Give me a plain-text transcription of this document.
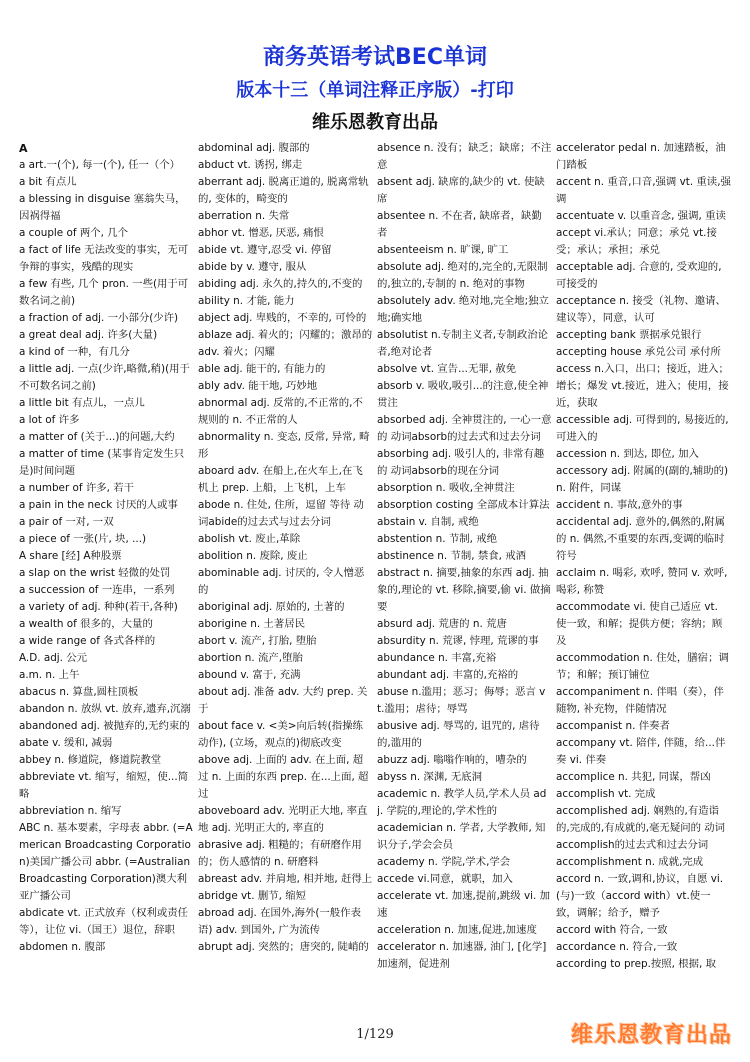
商务英语考试BEC单词
版本十三（单词注释正序版）-打印
维乐恩教育出品
A
a art.一(个), 每一(个), 任一（个）
a bit 有点儿
a blessing in disguise 塞翁失马，因祸得福
a couple of 两个, 几个
a fact of life 无法改变的事实，无可争辩的事实，残酷的现实
a few 有些, 几个 pron. 一些(用于可数名词之前)
a fraction of adj. 一小部分(少许)
a great deal adj. 许多(大量)
a kind of 一种，有几分
a little adj. 一点(少许,略微,稍)(用于不可数名词之前)
a little bit 有点儿，一点儿
a lot of 许多
a matter of (关于...)的问题,大约
a matter of time (某事肯定发生只是)时间问题
a number of 许多, 若干
a pain in the neck 讨厌的人或事
a pair of 一对, 一双
a piece of 一张(片, 块, ...)
A share [经] A种股票
a slap on the wrist 轻微的处罚
a succession of 一连串，一系列
a variety of adj. 种种(若干,各种)
a wealth of 很多的，大量的
a wide range of 各式各样的
A.D. adj. 公元
a.m. n. 上午
abacus n. 算盘,圆柱顶板
abandon n. 放纵 vt. 放弃,遗弃,沉溺
abandoned adj. 被抛弃的,无约束的
abate v. 缓和, 减弱
abbey n. 修道院，修道院教堂
abbreviate vt. 缩写，缩短，使...简略
abbreviation n. 缩写
ABC n. 基本要素，字母表 abbr. (=American Broadcasting Corporation)美国广播公司 abbr. (=Australian Broadcasting Corporation)澳大利亚广播公司
abdicate vt. 正式放弃（权利或责任等），让位 vi.（国王）退位，辞职
abdomen n. 腹部
abdominal adj. 腹部的
abduct vt. 诱拐, 绑走
aberrant adj. 脱离正道的, 脱离常轨的, 变体的，畸变的
aberration n. 失常
abhor vt. 憎恶, 厌恶, 痛恨
abide vt. 遵守,忍受 vi. 停留
abide by v. 遵守, 服从
abiding adj. 永久的,持久的,不变的
ability n. 才能, 能力
abject adj. 卑贱的，不幸的, 可怜的
ablaze adj. 着火的；闪耀的；激昂的 adv. 着火；闪耀
able adj. 能干的, 有能力的
ably adv. 能干地, 巧妙地
abnormal adj. 反常的,不正常的,不规则的 n. 不正常的人
abnormality n. 变态, 反常, 异常, 畸形
aboard adv. 在船上,在火车上,在飞机上 prep. 上船，上飞机，上车
abode n. 住处, 住所，逗留 等待 动词abide的过去式与过去分词
abolish vt. 废止,革除
abolition n. 废除, 废止
abominable adj. 讨厌的, 令人憎恶的
aboriginal adj. 原始的, 土著的
aborigine n. 土著居民
abort v. 流产, 打胎, 堕胎
abortion n. 流产,堕胎
abound v. 富于, 充满
about adj. 准备 adv. 大约 prep. 关于
about face v. <美>向后转(指操练动作), (立场，观点的)彻底改变
above adj. 上面的 adv. 在上面, 超过 n. 上面的东西 prep. 在...上面, 超过
aboveboard adv. 光明正大地, 率直地 adj. 光明正大的, 率直的
abrasive adj. 粗糙的；有研磨作用的；伤人感情的 n. 研磨料
abreast adv. 并肩地, 相并地, 赶得上
abridge vt. 删节, 缩短
abroad adj. 在国外,海外(一般作表语) adv. 到国外, 广为流传
abrupt adj. 突然的；唐突的, 陡峭的
absence n. 没有；缺乏；缺席；不注意
absent adj. 缺席的,缺少的 vt. 使缺席
absentee n. 不在者, 缺席者，缺勤者
absenteeism n. 旷课, 旷工
absolute adj. 绝对的,完全的,无限制的,独立的,专制的 n. 绝对的事物
absolutely adv. 绝对地,完全地;独立地;确实地
absolutist n.专制主义者,专制政治论者,绝对论者
absolve vt. 宣告...无罪, 赦免
absorb v. 吸收,吸引...的注意,使全神贯注
absorbed adj. 全神贯注的, 一心一意的 动词absorb的过去式和过去分词
absorbing adj. 吸引人的, 非常有趣的 动词absorb的现在分词
absorption n. 吸收,全神贯注
absorption costing 全部成本计算法
abstain v. 自制, 戒绝
abstention n. 节制, 戒绝
abstinence n. 节制, 禁食, 戒酒
abstract n. 摘要,抽象的东西 adj. 抽象的,理论的 vt. 移除,摘要,偷 vi. 做摘要
absurd adj. 荒唐的 n. 荒唐
absurdity n. 荒谬, 悖理, 荒谬的事
abundance n. 丰富,充裕
abundant adj. 丰富的,充裕的
abuse n.滥用；恶习；侮辱；恶言 vt.滥用；虐待；辱骂
abusive adj. 辱骂的, 诅咒的, 虐待的,滥用的
abuzz adj. 嗡嗡作响的，嘈杂的
abyss n. 深渊, 无底洞
academic n. 教学人员,学术人员 adj. 学院的,理论的,学术性的
academician n. 学者, 大学教师, 知识分子,学会会员
academy n. 学院,学术,学会
accede vi.同意，就职，加入
accelerate vt. 加速,提前,跳级 vi. 加速
acceleration n. 加速,促进,加速度
accelerator n. 加速器, 油门, [化学]加速剂，促进剂
accelerator pedal n. 加速踏板，油门踏板
accent n. 重音,口音,强调 vt. 重读,强调
accentuate v. 以重音念, 强调, 重读
accept vi.承认；同意；承兑 vt.接受；承认；承担；承兑
acceptable adj. 合意的, 受欢迎的, 可接受的
acceptance n. 接受（礼物、邀请、建议等），同意，认可
accepting bank 票据承兑银行
accepting house 承兑公司 承付所
access n.入口，出口；接近，进入；增长；爆发 vt.接近，进入；使用，接近，获取
accessible adj. 可得到的, 易接近的, 可进入的
accession n. 到达, 即位, 加入
accessory adj. 附属的(副的,辅助的) n. 附件，同谋
accident n. 事故,意外的事
accidental adj. 意外的,偶然的,附属的 n. 偶然,不重要的东西,变调的临时符号
acclaim n. 喝彩, 欢呼, 赞同 v. 欢呼, 喝彩, 称赞
accommodate vi. 使自己适应 vt. 使一致，和解；提供方便；容纳；顾及
accommodation n. 住处，膳宿；调节；和解；预订铺位
accompaniment n. 伴唱（奏），伴随物, 补充物，伴随情况
accompanist n. 伴奏者
accompany vt. 陪伴, 伴随，给...伴奏 vi. 伴奏
accomplice n. 共犯, 同谋，帮凶
accomplish vt. 完成
accomplished adj. 娴熟的,有造诣的,完成的,有成就的,毫无疑问的 动词accomplish的过去式和过去分词
accomplishment n. 成就,完成
accord n. 一致,调和,协议，自愿 vi. (与)一致（accord with）vt.使一致，调解；给予，赠予
accord with 符合, 一致
accordance n. 符合,一致
according to prep.按照, 根据, 取
1/129	维乐恩教育出品
